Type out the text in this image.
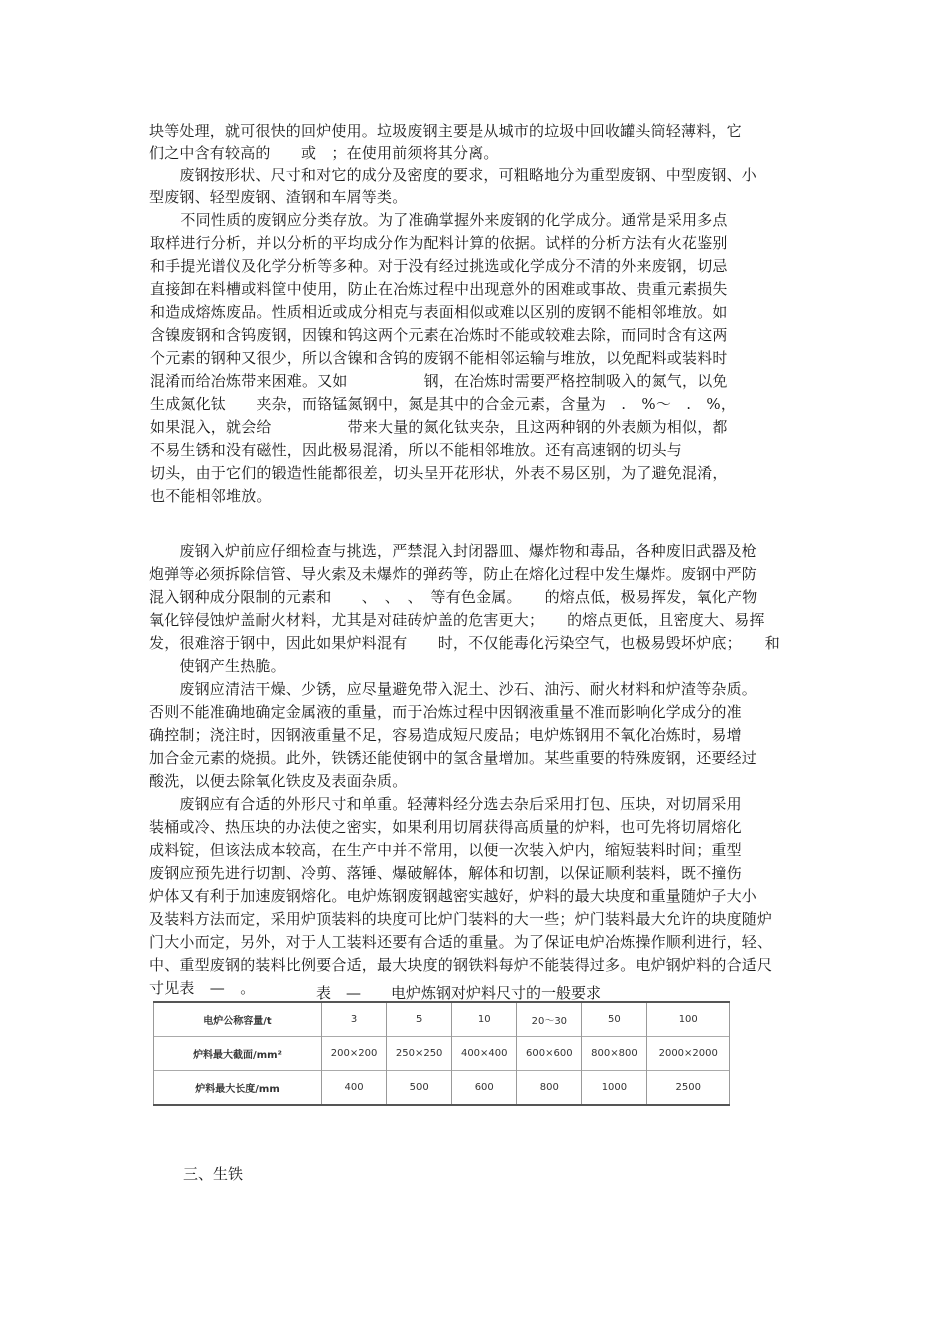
块等处理，就可很快的回炉使用。垃圾废钢主要是从城市的垃圾中回收罐头筒轻薄料，它
们之中含有较高的　　或　；在使用前须将其分离。
　　废钢按形状、尺寸和对它的成分及密度的要求，可粗略地分为重型废钢、中型废钢、小
型废钢、轻型废钢、渣钢和车屑等类。
　　不同性质的废钢应分类存放。为了准确掌握外来废钢的化学成分。通常是采用多点
取样进行分析，并以分析的平均成分作为配料计算的依据。试样的分析方法有火花鉴别
和手提光谱仪及化学分析等多种。对于没有经过挑选或化学成分不清的外来废钢，切忌
直接卸在料槽或料筐中使用，防止在冶炼过程中出现意外的困难或事故、贵重元素损失
和造成熔炼废品。性质相近或成分相克与表面相似或难以区别的废钢不能相邻堆放。如
含镍废钢和含钨废钢，因镍和钨这两个元素在冶炼时不能或较难去除，而同时含有这两
个元素的钢种又很少，所以含镍和含钨的废钢不能相邻运输与堆放，以免配料或装料时
混淆而给冶炼带来困难。又如　　　　　钢，在冶炼时需要严格控制吸入的氮气，以免
生成氮化钛　　夹杂，而铬锰氮钢中，氮是其中的合金元素，含量为　.　%～　.　%，
如果混入，就会给　　　　　带来大量的氮化钛夹杂，且这两种钢的外表颇为相似，都
不易生锈和没有磁性，因此极易混淆，所以不能相邻堆放。还有高速钢的切头与
切头，由于它们的锻造性能都很差，切头呈开花形状，外表不易区别，为了避免混淆，
也不能相邻堆放。
　　废钢入炉前应仔细检查与挑选，严禁混入封闭器皿、爆炸物和毒品，各种废旧武器及枪
炮弹等必须拆除信管、导火索及未爆炸的弹药等，防止在熔化过程中发生爆炸。废钢中严防
混入钢种成分限制的元素和　　、　、　、　等有色金属。　　的熔点低，极易挥发，氧化产物
氧化锌侵蚀炉盖耐火材料，尤其是对硅砖炉盖的危害更大；　　的熔点更低，且密度大、易挥
发，很难溶于钢中，因此如果炉料混有　　时，不仅能毒化污染空气，也极易毁坏炉底；　　和
　　使钢产生热脆。
　　废钢应清洁干燥、少锈，应尽量避免带入泥土、沙石、油污、耐火材料和炉渣等杂质。
否则不能准确地确定金属液的重量，而于冶炼过程中因钢液重量不准而影响化学成分的准
确控制；浇注时，因钢液重量不足，容易造成短尺废品；电炉炼钢用不氧化冶炼时，易增
加合金元素的烧损。此外，铁锈还能使钢中的氢含量增加。某些重要的特殊废钢，还要经过
酸洗，以便去除氧化铁皮及表面杂质。
　　废钢应有合适的外形尺寸和单重。轻薄料经分选去杂后采用打包、压块，对切屑采用
装桶或冷、热压块的办法使之密实，如果利用切屑获得高质量的炉料，也可先将切屑熔化
成料锭，但该法成本较高，在生产中并不常用，以便一次装入炉内，缩短装料时间；重型
废钢应预先进行切割、冷剪、落锤、爆破解体，解体和切割，以保证顺利装料，既不撞伤
炉体又有利于加速废钢熔化。电炉炼钢废钢越密实越好，炉料的最大块度和重量随炉子大小
及装料方法而定，采用炉顶装料的块度可比炉门装料的大一些；炉门装料最大允许的块度随炉
门大小而定，另外，对于人工装料还要有合适的重量。为了保证电炉冶炼操作顺利进行，轻、
中、重型废钢的装料比例要合适，最大块度的钢铁料每炉不能装得过多。电炉钢炉料的合适尺
寸见表　—　。	表　—　　电炉炼钢对炉料尺寸的一般要求
电炉公称容量/t	3	5	10	20～30	50	100
炉料最大截面/mm²	200×200	250×250	400×400	600×600	800×800	2000×2000
炉料最大长度/mm	400	500	600	800	1000	2500
三、生铁
